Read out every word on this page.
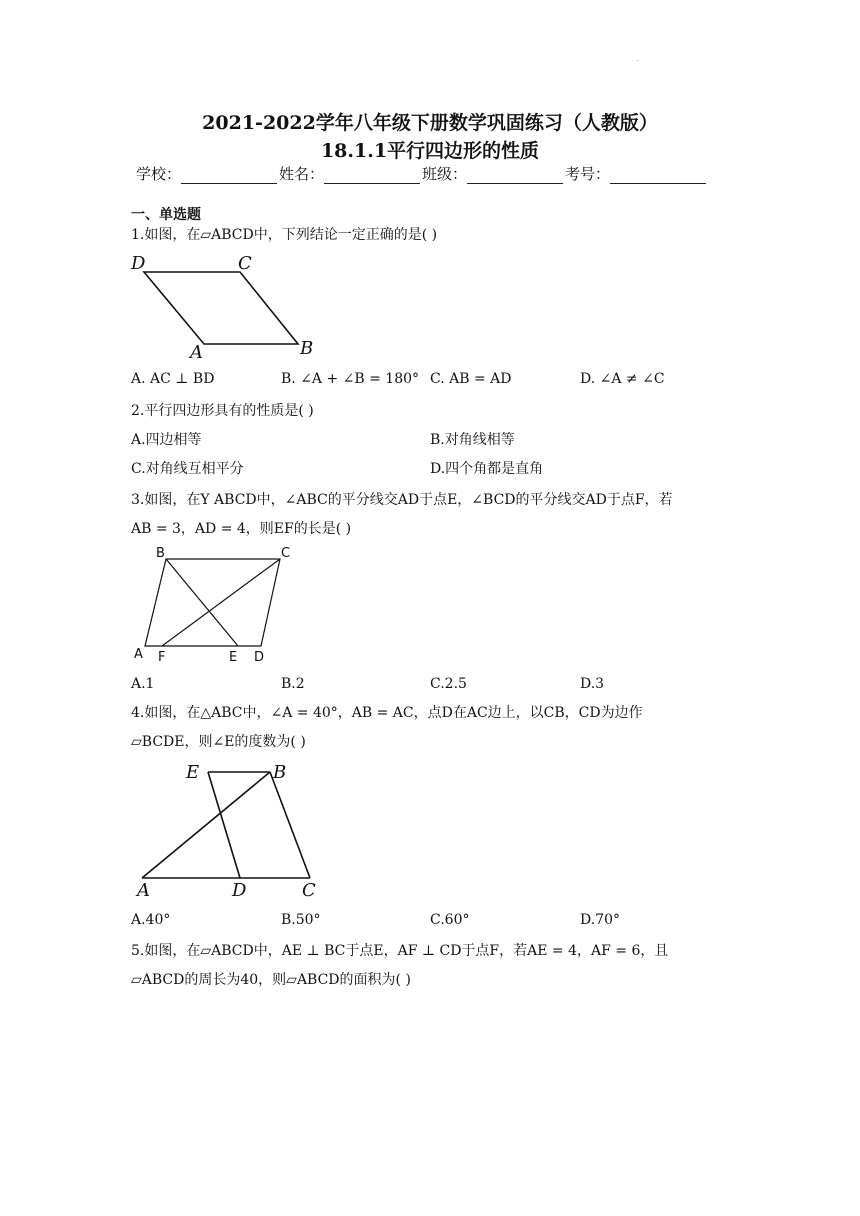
.
2021-2022学年八年级下册数学巩固练习（人教版）
18.1.1平行四边形的性质
学校：	姓名：	班级：	考号：
一、单选题
1.如图，在▱ABCD中，下列结论一定正确的是( )
D	C
A	B
A. AC ⊥ BD	B. ∠A + ∠B = 180° C. AB = AD	D. ∠A ≠ ∠C
2.平行四边形具有的性质是( )
A.四边相等	B.对角线相等
C.对角线互相平分	D.四个角都是直角
3.如图，在Y ABCD中，∠ABC的平分线交AD于点E，∠BCD的平分线交AD于点F，若
AB = 3，AD = 4，则EF的长是( )
B	C
A F	E D
A.1	B.2	C.2.5	D.3
4.如图，在△ABC中，∠A = 40°，AB = AC，点D在AC边上，以CB，CD为边作
▱BCDE，则∠E的度数为( )
E	B
A	D	C
A.40°	B.50°	C.60°	D.70°
5.如图，在▱ABCD中，AE ⊥ BC于点E，AF ⊥ CD于点F，若AE = 4，AF = 6，且
▱ABCD的周长为40，则▱ABCD的面积为( )
